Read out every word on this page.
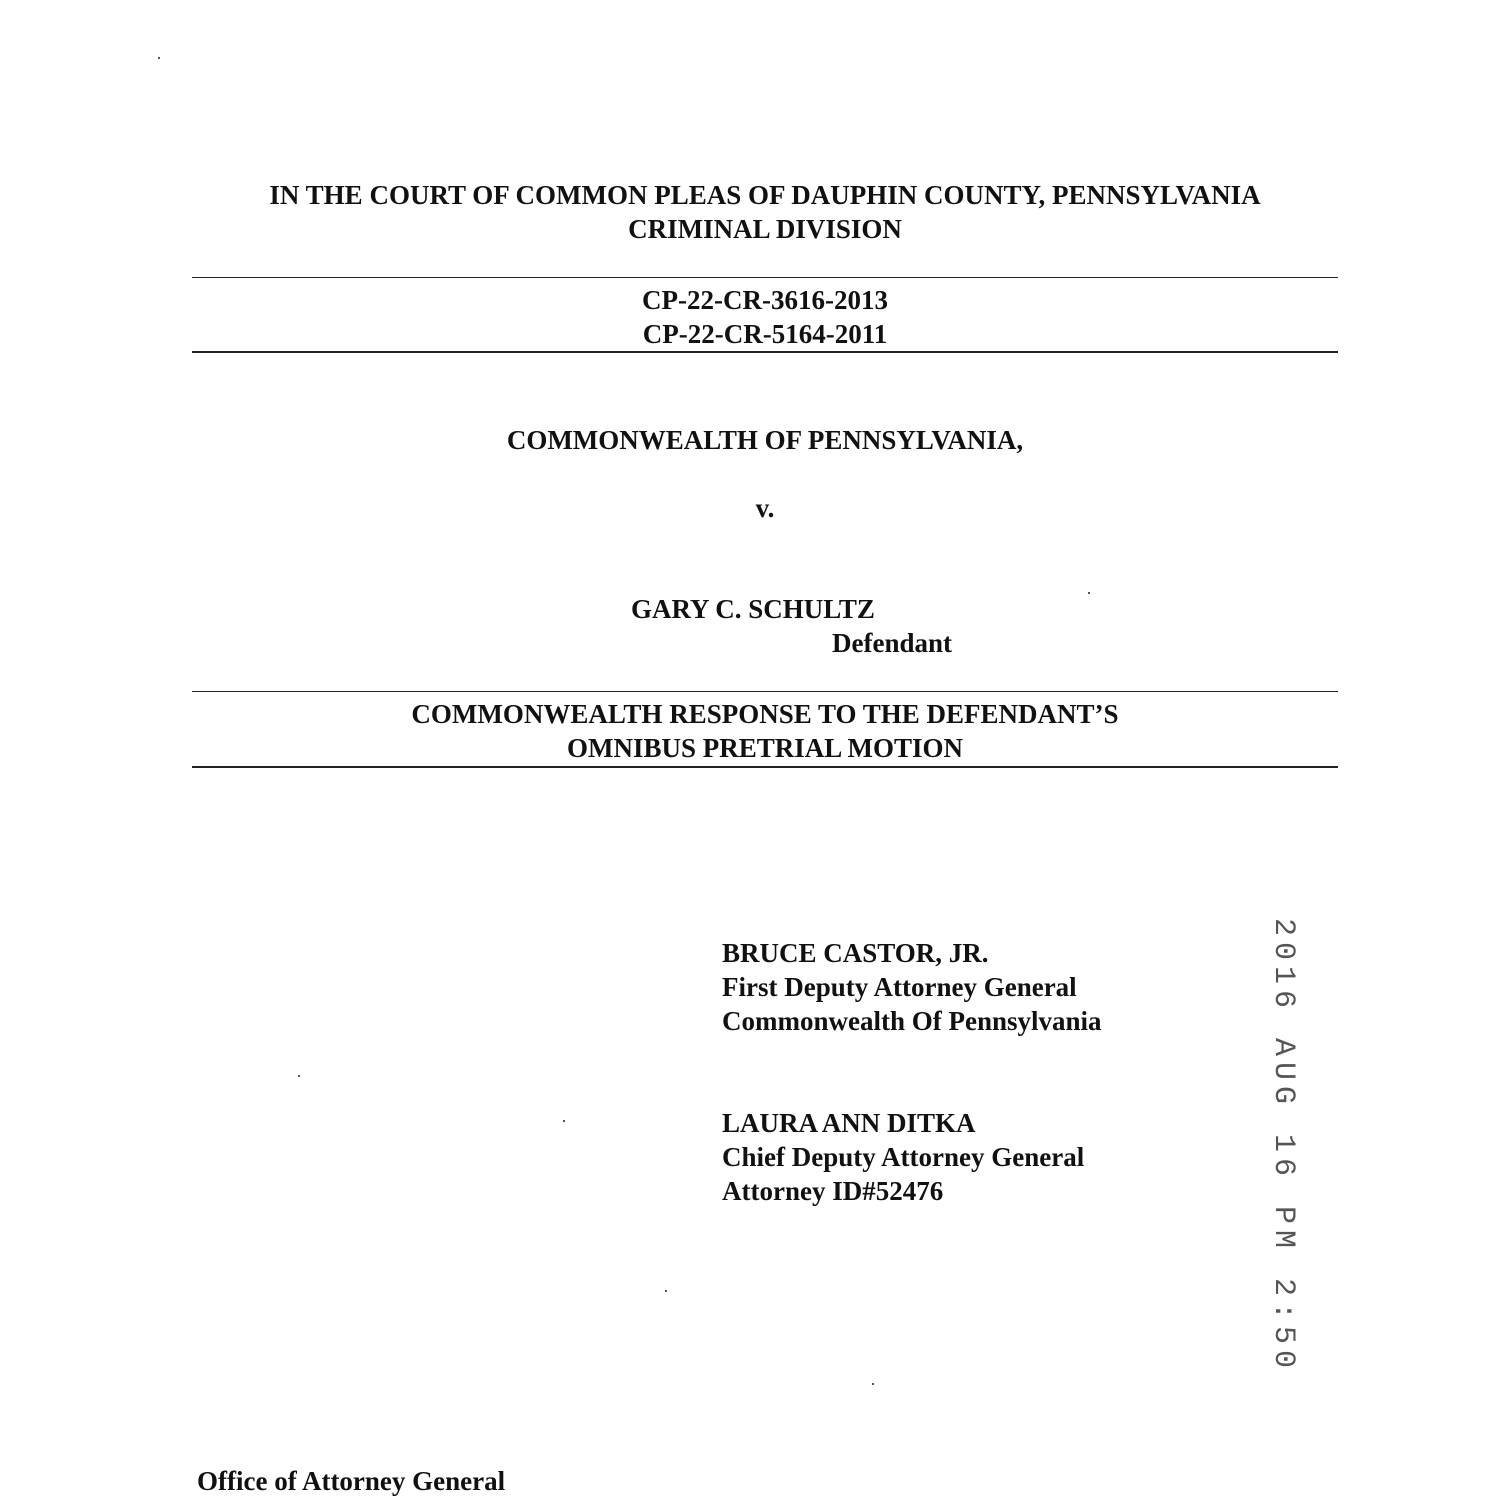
IN THE COURT OF COMMON PLEAS OF DAUPHIN COUNTY, PENNSYLVANIA
CRIMINAL DIVISION
CP-22-CR-3616-2013
CP-22-CR-5164-2011
COMMONWEALTH OF PENNSYLVANIA,
v.
GARY C. SCHULTZ
Defendant
COMMONWEALTH RESPONSE TO THE DEFENDANT’S
OMNIBUS PRETRIAL MOTION
BRUCE CASTOR, JR.
First Deputy Attorney General
Commonwealth Of Pennsylvania
LAURA ANN DITKA
Chief Deputy Attorney General
Attorney ID#52476	2016 AUG 16 PM 2:50
Office of Attorney General
